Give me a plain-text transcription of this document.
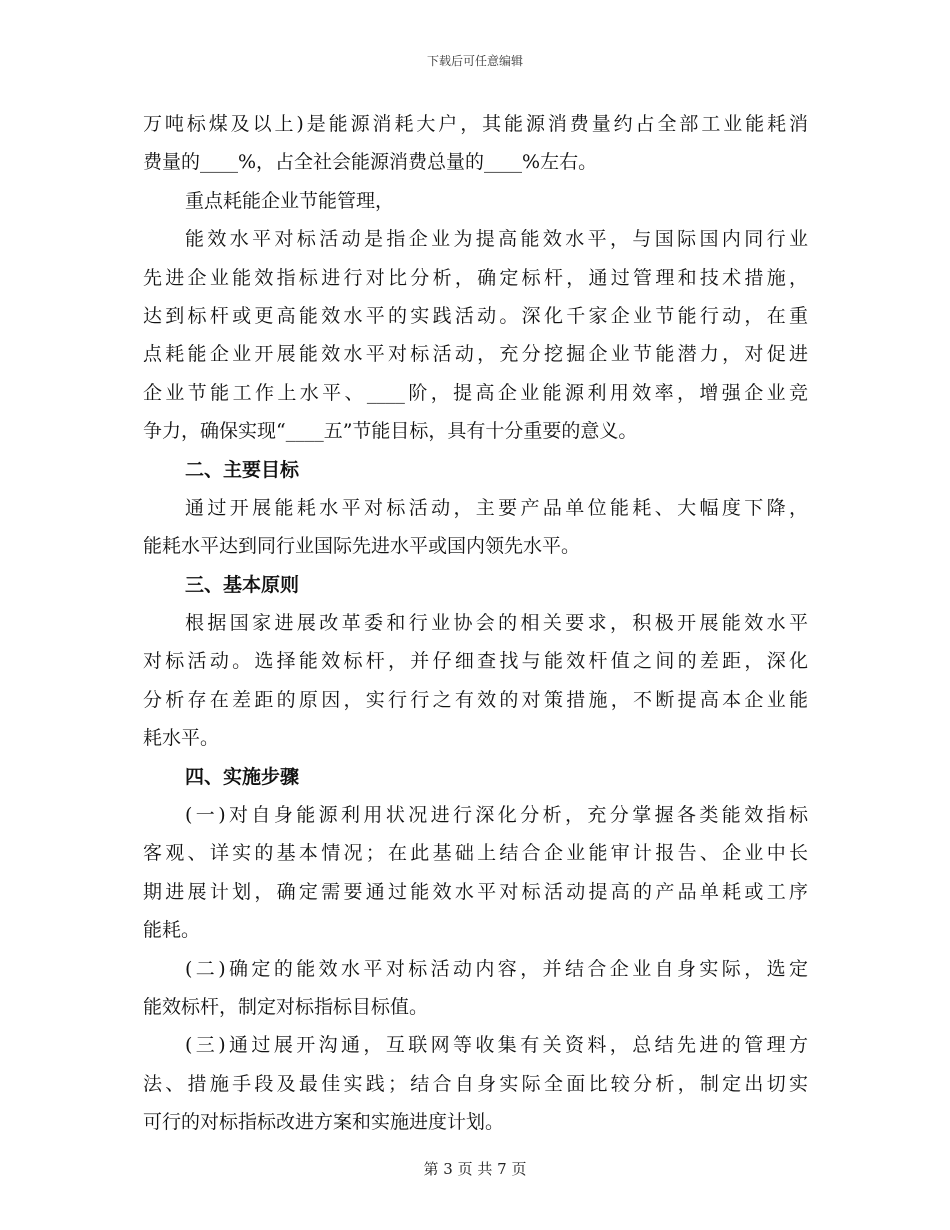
下载后可任意编辑
万吨标煤及以上)是能源消耗大户，其能源消费量约占全部工业能耗消
费量的____%，占全社会能源消费总量的____%左右。
重点耗能企业节能管理，
能效水平对标活动是指企业为提高能效水平，与国际国内同行业
先进企业能效指标进行对比分析，确定标杆，通过管理和技术措施，
达到标杆或更高能效水平的实践活动。深化千家企业节能行动，在重
点耗能企业开展能效水平对标活动，充分挖掘企业节能潜力，对促进
企业节能工作上水平、____阶，提高企业能源利用效率，增强企业竞
争力，确保实现“____五”节能目标，具有十分重要的意义。
二、主要目标
通过开展能耗水平对标活动，主要产品单位能耗、大幅度下降，
能耗水平达到同行业国际先进水平或国内领先水平。
三、基本原则
根据国家进展改革委和行业协会的相关要求，积极开展能效水平
对标活动。选择能效标杆，并仔细查找与能效杆值之间的差距，深化
分析存在差距的原因，实行行之有效的对策措施，不断提高本企业能
耗水平。
四、实施步骤
(一)对自身能源利用状况进行深化分析，充分掌握各类能效指标
客观、详实的基本情况；在此基础上结合企业能审计报告、企业中长
期进展计划，确定需要通过能效水平对标活动提高的产品单耗或工序
能耗。
(二)确定的能效水平对标活动内容，并结合企业自身实际，选定
能效标杆，制定对标指标目标值。
(三)通过展开沟通，互联网等收集有关资料，总结先进的管理方
法、措施手段及最佳实践；结合自身实际全面比较分析，制定出切实
可行的对标指标改进方案和实施进度计划。
第 3 页 共 7 页
